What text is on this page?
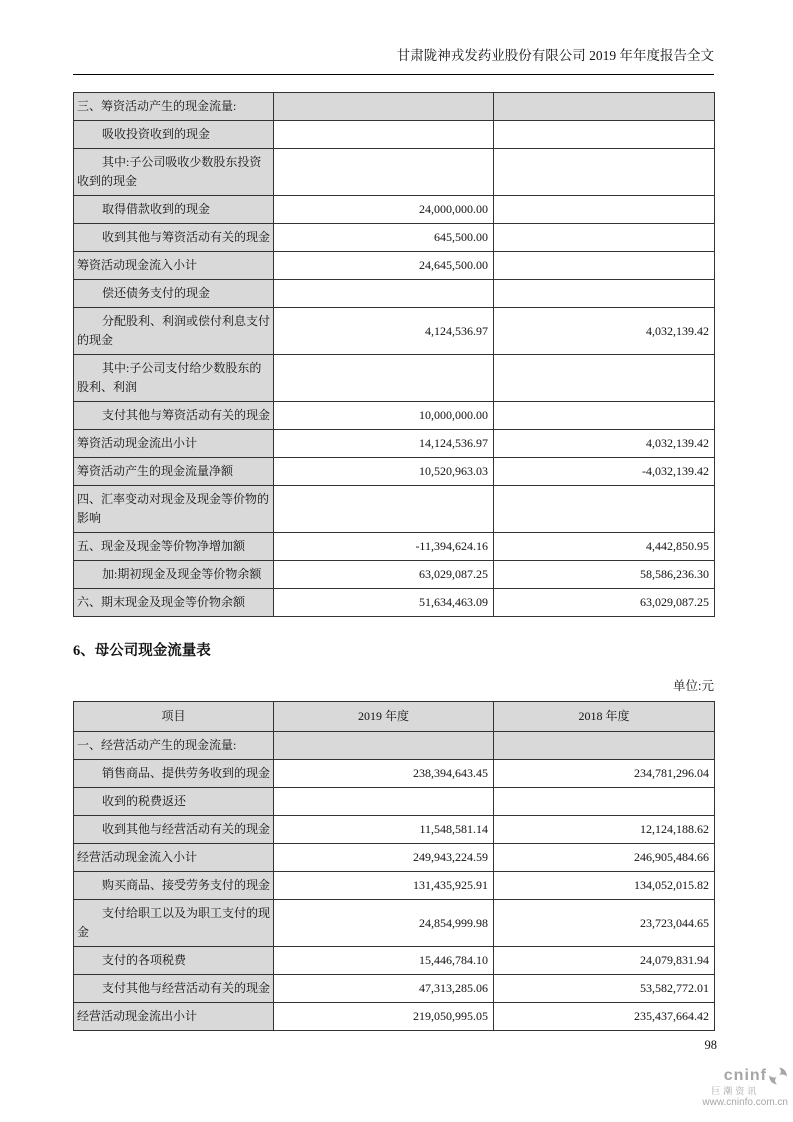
甘肃陇神戎发药业股份有限公司 2019 年年度报告全文
三、筹资活动产生的现金流量:		
吸收投资收到的现金		
其中:子公司吸收少数股东投资收到的现金		
取得借款收到的现金	24,000,000.00	
收到其他与筹资活动有关的现金	645,500.00	
筹资活动现金流入小计	24,645,500.00	
偿还债务支付的现金		
分配股利、利润或偿付利息支付的现金	4,124,536.97	4,032,139.42
其中:子公司支付给少数股东的股利、利润		
支付其他与筹资活动有关的现金	10,000,000.00	
筹资活动现金流出小计	14,124,536.97	4,032,139.42
筹资活动产生的现金流量净额	10,520,963.03	-4,032,139.42
四、汇率变动对现金及现金等价物的影响		
五、现金及现金等价物净增加额	-11,394,624.16	4,442,850.95
加:期初现金及现金等价物余额	63,029,087.25	58,586,236.30
六、期末现金及现金等价物余额	51,634,463.09	63,029,087.25
6、母公司现金流量表
单位:元
项目	2019 年度	2018 年度
一、经营活动产生的现金流量:		
销售商品、提供劳务收到的现金	238,394,643.45	234,781,296.04
收到的税费返还		
收到其他与经营活动有关的现金	11,548,581.14	12,124,188.62
经营活动现金流入小计	249,943,224.59	246,905,484.66
购买商品、接受劳务支付的现金	131,435,925.91	134,052,015.82
支付给职工以及为职工支付的现金	24,854,999.98	23,723,044.65
支付的各项税费	15,446,784.10	24,079,831.94
支付其他与经营活动有关的现金	47,313,285.06	53,582,772.01
经营活动现金流出小计	219,050,995.05	235,437,664.42
98
cninf
巨潮资讯
www.cninfo.com.cn
